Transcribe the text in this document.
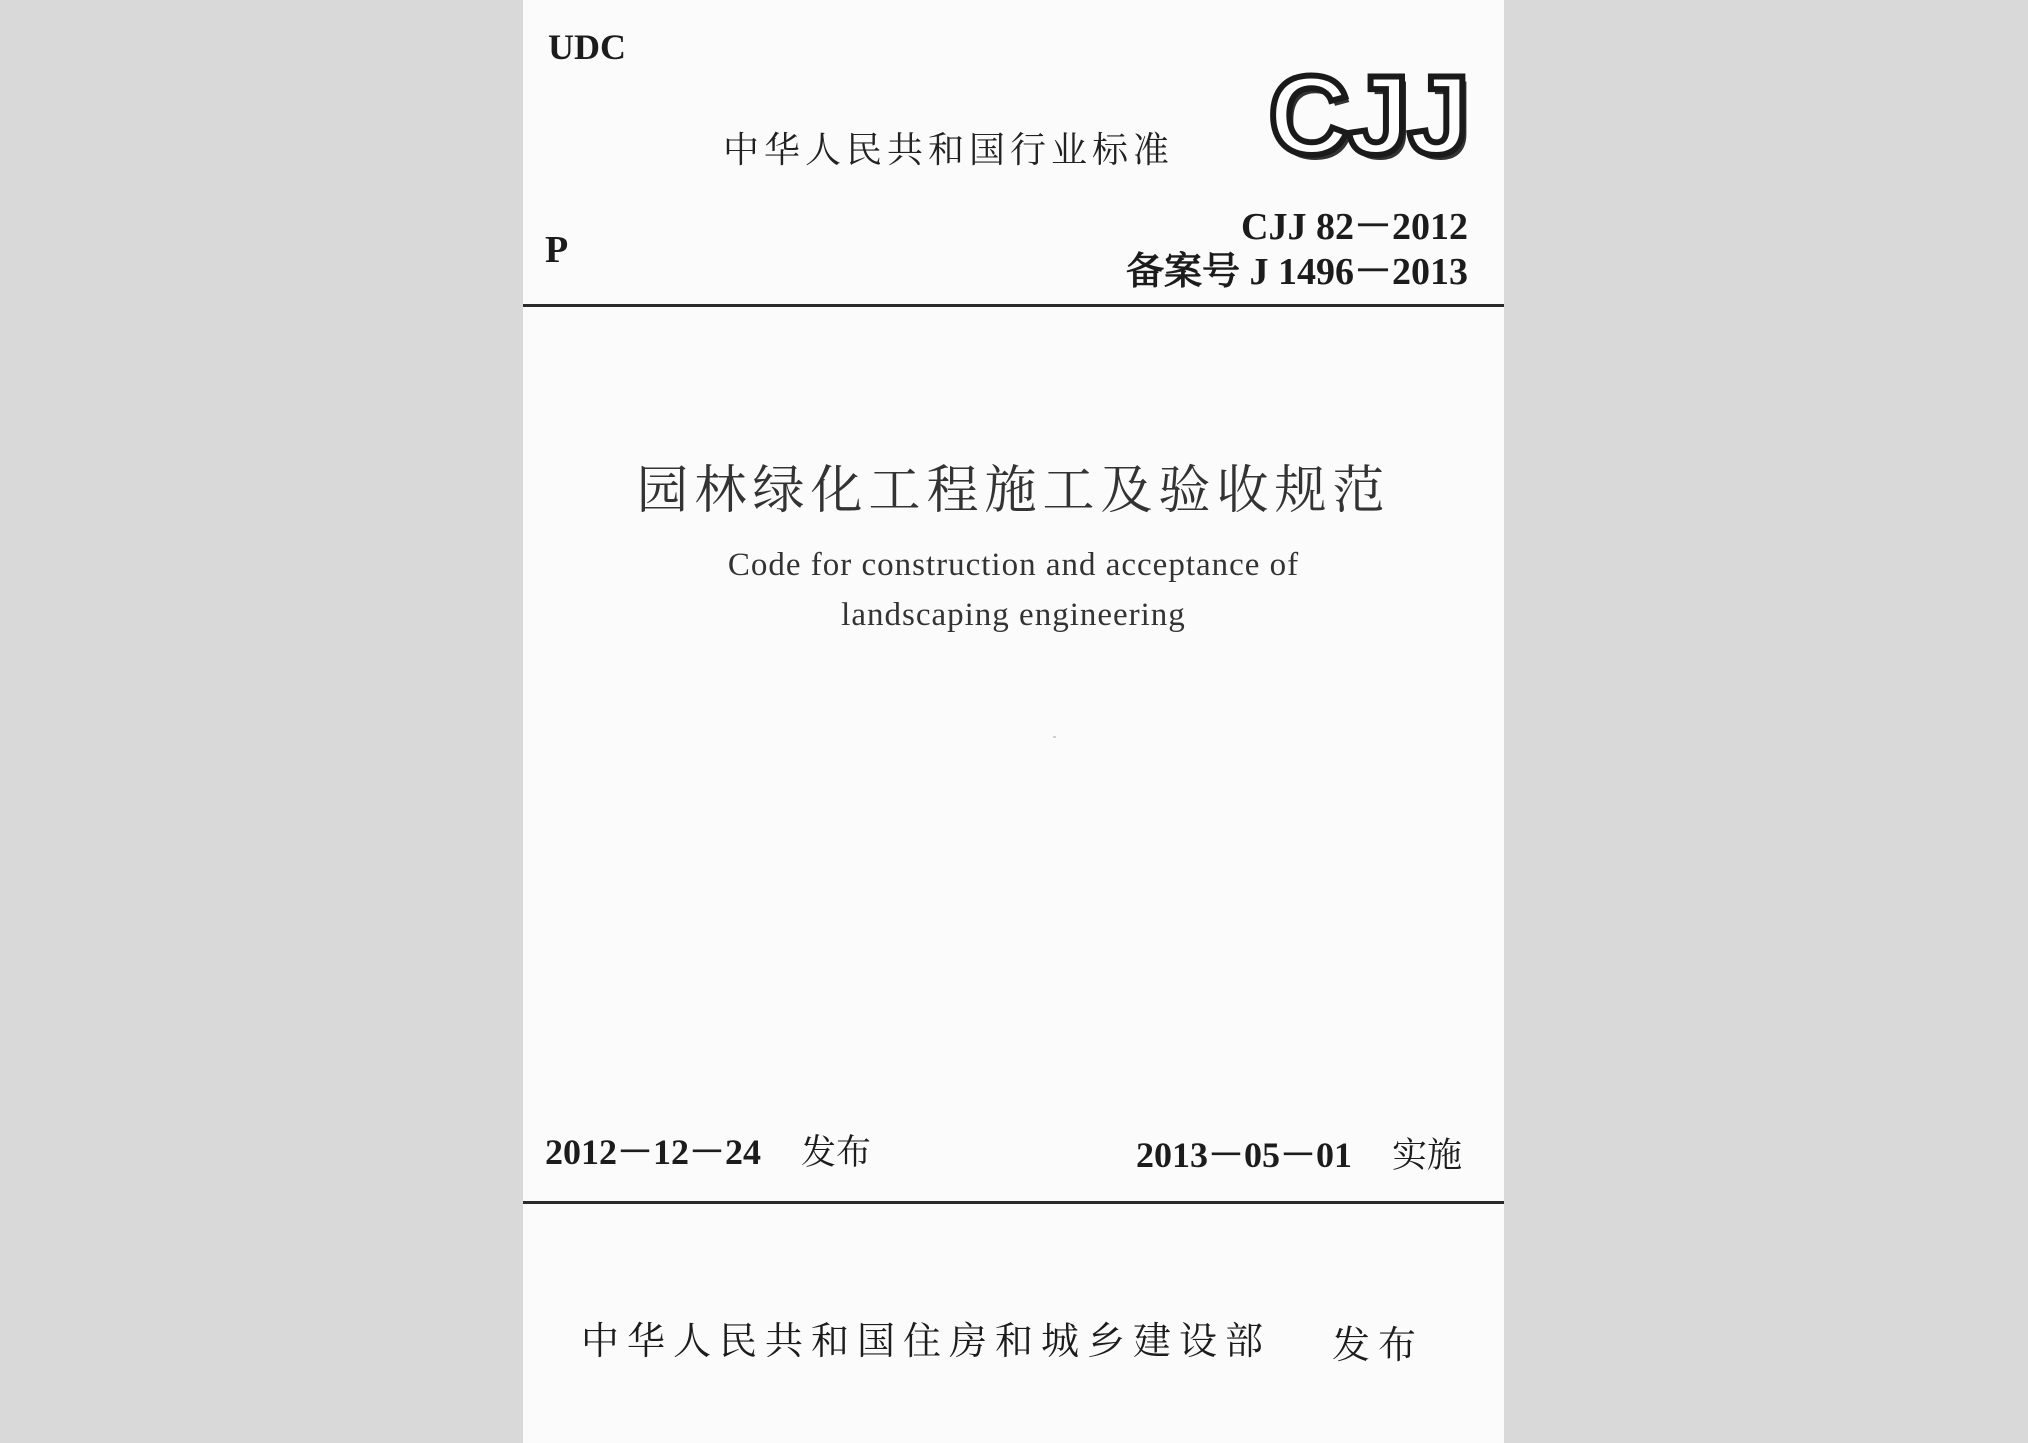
UDC
中华人民共和国行业标准 CJJ
P
CJJ 82－2012
备案号 J 1496－2013
园林绿化工程施工及验收规范
Code for construction and acceptance of
landscaping engineering
2012－12－24 发布	2013－05－01 实施
中华人民共和国住房和城乡建设部 发布
